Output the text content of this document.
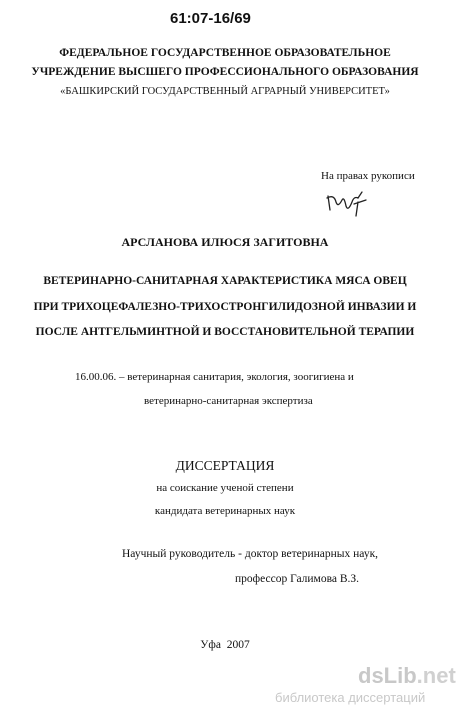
61:07-16/69
ФЕДЕРАЛЬНОЕ ГОСУДАРСТВЕННОЕ ОБРАЗОВАТЕЛЬНОЕ
УЧРЕЖДЕНИЕ ВЫСШЕГО ПРОФЕССИОНАЛЬНОГО ОБРАЗОВАНИЯ
«БАШКИРСКИЙ ГОСУДАРСТВЕННЫЙ АГРАРНЫЙ УНИВЕРСИТЕТ»
На правах рукописи
АРСЛАНОВА ИЛЮСЯ ЗАГИТОВНА
ВЕТЕРИНАРНО-САНИТАРНАЯ ХАРАКТЕРИСТИКА МЯСА ОВЕЦ
ПРИ ТРИХОЦЕФАЛЕЗНО-ТРИХОСТРОНГИЛИДОЗНОЙ ИНВАЗИИ И
ПОСЛЕ АНТГЕЛЬМИНТНОЙ И ВОССТАНОВИТЕЛЬНОЙ ТЕРАПИИ
16.00.06. – ветеринарная санитария, экология, зоогигиена и
ветеринарно-санитарная экспертиза
ДИССЕРТАЦИЯ
на соискание ученой степени
кандидата ветеринарных наук
Научный руководитель - доктор ветеринарных наук,
профессор Галимова В.З.
Уфа  2007
dsLib.net
библиотека диссертаций
